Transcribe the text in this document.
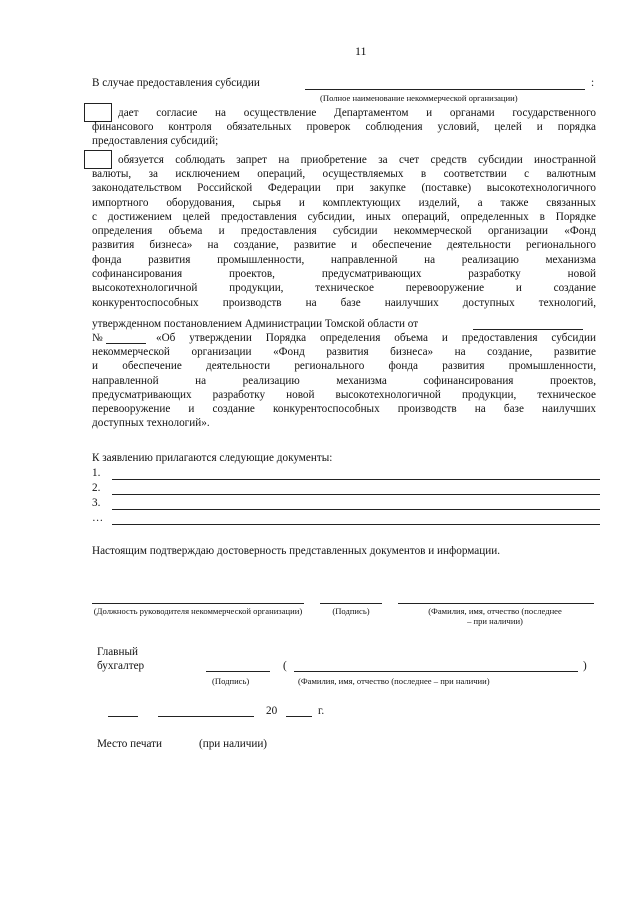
11
В случае предоставления субсидии	:
(Полное наименование некоммерческой организации)
дает согласие на осуществление Департаментом и органами государственного
финансового контроля обязательных проверок соблюдения условий, целей и порядка
предоставления субсидий;
обязуется соблюдать запрет на приобретение за счет средств субсидии иностранной

валюты, за исключением операций, осуществляемых в соответствии с валютным

законодательством Российской Федерации при закупке (поставке) высокотехнологичного

импортного оборудования, сырья и комплектующих изделий, а также связанных

с достижением целей предоставления субсидии, иных операций, определенных в Порядке

определения объема и предоставления субсидии некоммерческой организации «Фонд

развития бизнеса» на создание, развитие и обеспечение деятельности регионального

фонда развития промышленности, направленной на реализацию механизма

софинансирования проектов, предусматривающих разработку новой

высокотехнологичной продукции, техническое перевооружение и создание

конкурентоспособных производств на базе наилучших доступных технологий,

утвержденном постановлением Администрации Томской области от
№	«Об утверждении Порядка определения объема и предоставления субсидии

некоммерческой организации «Фонд развития бизнеса» на создание, развитие

и обеспечение деятельности регионального фонда развития промышленности,

направленной на реализацию механизма софинансирования проектов,

предусматривающих разработку новой высокотехнологичной продукции, техническое

перевооружение и создание конкурентоспособных производств на базе наилучших

доступных технологий».

К заявлению прилагаются следующие документы:
1.
2.
3.
…
Настоящим подтверждаю достоверность представленных документов и информации.
(Должность руководителя некоммерческой организации)	(Подпись)	(Фамилия, имя, отчество (последнее – при наличии)
Главный
бухгалтер	(	)
(Подпись)	(Фамилия, имя, отчество (последнее – при наличии)
20	г.
Место печати	(при наличии)
